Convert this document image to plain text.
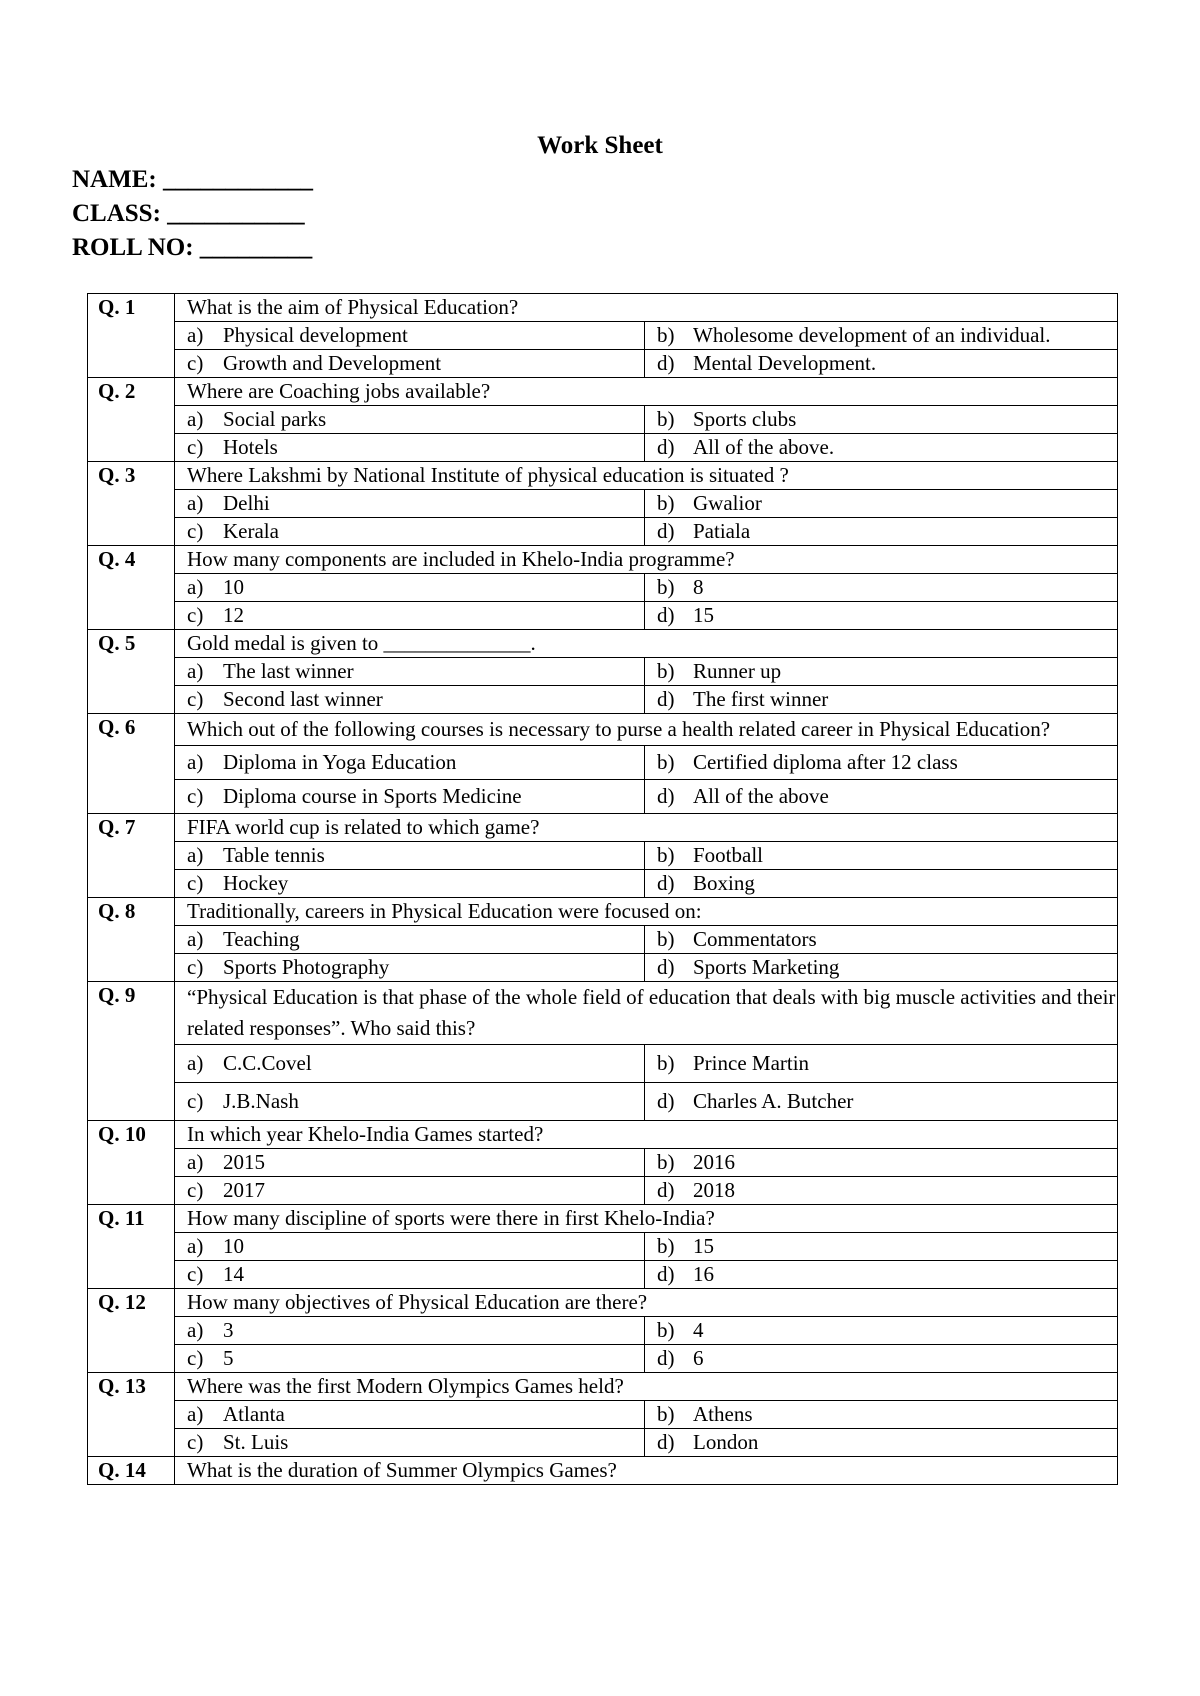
Work Sheet
NAME: ____________
CLASS: ___________
ROLL NO: _________
Q. 1	What is the aim of Physical Education?	
	a) Physical development	b) Wholesome development of an individual.
	c) Growth and Development	d) Mental Development.
Q. 2	Where are Coaching jobs available?	
	a) Social parks	b) Sports clubs
	c) Hotels	d) All of the above.
Q. 3	Where Lakshmi by National Institute of physical education is situated ?	
	a) Delhi	b) Gwalior
	c) Kerala	d) Patiala
Q. 4	How many components are included in Khelo-India programme?	
	a) 10	b) 8
	c) 12	d) 15
Q. 5	Gold medal is given to ______________.	
	a) The last winner	b) Runner up
	c) Second last winner	d) The first winner
Q. 6	Which out of the following courses is necessary to purse a health related career in Physical Education?	
	a) Diploma in Yoga Education	b) Certified diploma after 12 class
	c) Diploma course in Sports Medicine	d) All of the above
Q. 7	FIFA world cup is related to which game?	
	a) Table tennis	b) Football
	c) Hockey	d) Boxing
Q. 8	Traditionally, careers in Physical Education were focused on:	
	a) Teaching	b) Commentators
	c) Sports Photography	d) Sports Marketing
Q. 9	“Physical Education is that phase of the whole field of education that deals with big muscle activities and their related responses”. Who said this?	
	a) C.C.Covel	b) Prince Martin
	c) J.B.Nash	d) Charles A. Butcher
Q. 10	In which year Khelo-India Games started?	
	a) 2015	b) 2016
	c) 2017	d) 2018
Q. 11	How many discipline of sports were there in first Khelo-India?	
	a) 10	b) 15
	c) 14	d) 16
Q. 12	How many objectives of Physical Education are there?	
	a) 3	b) 4
	c) 5	d) 6
Q. 13	Where was the first Modern Olympics Games held?	
	a) Atlanta	b) Athens
	c) St. Luis	d) London
Q. 14	What is the duration of Summer Olympics Games?	
